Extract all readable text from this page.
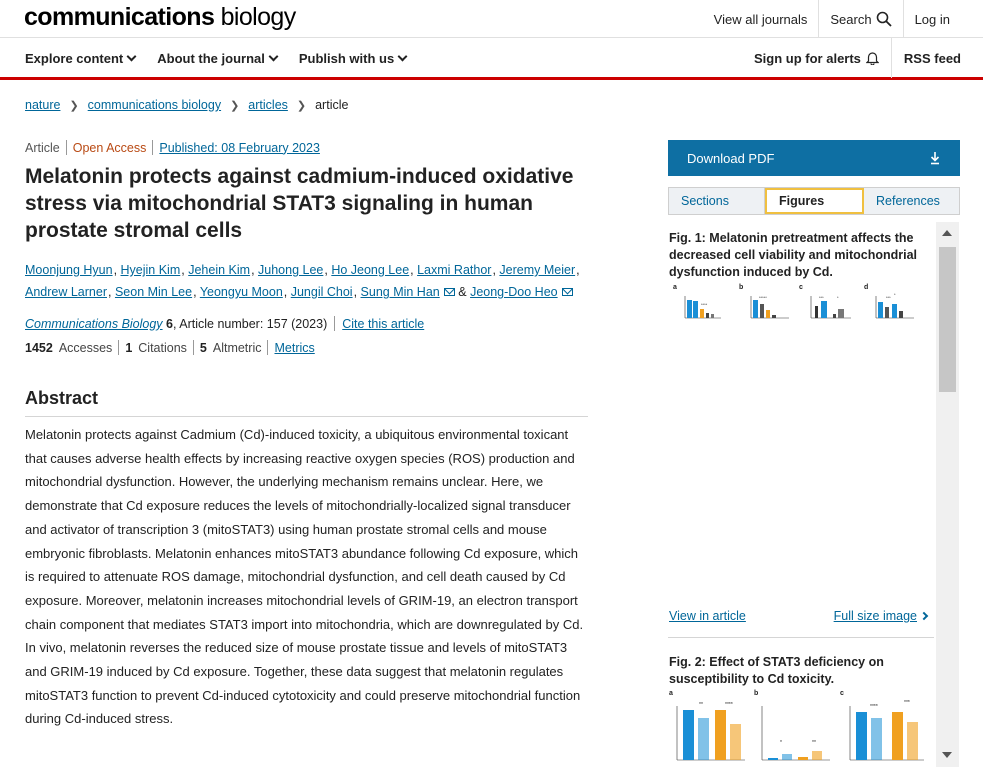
communications biology	View all journals	Search	Log in
Explore content	About the journal	Publish with us	Sign up for alerts	RSS feed
nature ❯ communications biology ❯ articles ❯ article
Article Open Access Published: 08 February 2023
Melatonin protects against cadmium-induced oxidative stress via mitochondrial STAT3 signaling in human prostate stromal cells
Moonjung Hyun, Hyejin Kim, Jehein Kim, Juhong Lee, Ho Jeong Lee, Laxmi Rathor, Jeremy Meier, Andrew Larner, Seon Min Lee, Yeongyu Moon, Jungil Choi, Sung Min Han & Jeong-Doo Heo
Communications Biology
6 , Article number: 157 (2023) Cite this article
1452 Accesses 1 Citations 5 Altmetric Metrics
Abstract

Melatonin protects against Cadmium (Cd)-induced toxicity, a ubiquitous environmental toxicant that causes adverse health effects by increasing reactive oxygen species (ROS) production and mitochondrial dysfunction. However, the underlying mechanism remains unclear. Here, we demonstrate that Cd exposure reduces the levels of mitochondrially-localized signal transducer and activator of transcription 3 (mitoSTAT3) using human prostate stromal cells and mouse embryonic fibroblasts. Melatonin enhances mitoSTAT3 abundance following Cd exposure, which is required to attenuate ROS damage, mitochondrial dysfunction, and cell death caused by Cd exposure. Moreover, melatonin increases mitochondrial levels of GRIM-19, an electron transport chain component that mediates STAT3 import into mitochondria, which are downregulated by Cd. In vivo, melatonin reverses the reduced size of mouse prostate tissue and levels of mitoSTAT3 and GRIM-19 induced by Cd exposure. Together, these data suggest that melatonin regulates mitoSTAT3 function to prevent Cd-induced cytotoxicity and could preserve mitochondrial function during Cd-induced stress.

Download PDF
Sections	Figures	References
Fig. 1: Melatonin pretreatment affects the decreased cell viability and mitochondrial dysfunction induced by Cd.
a
****
b
*****
c
***	*
d
***
*
View in article	Full size image
Fig. 2: Effect of STAT3 deficiency on susceptibility to Cd toxicity.
a
**	****
b
*	**
c
****
***
